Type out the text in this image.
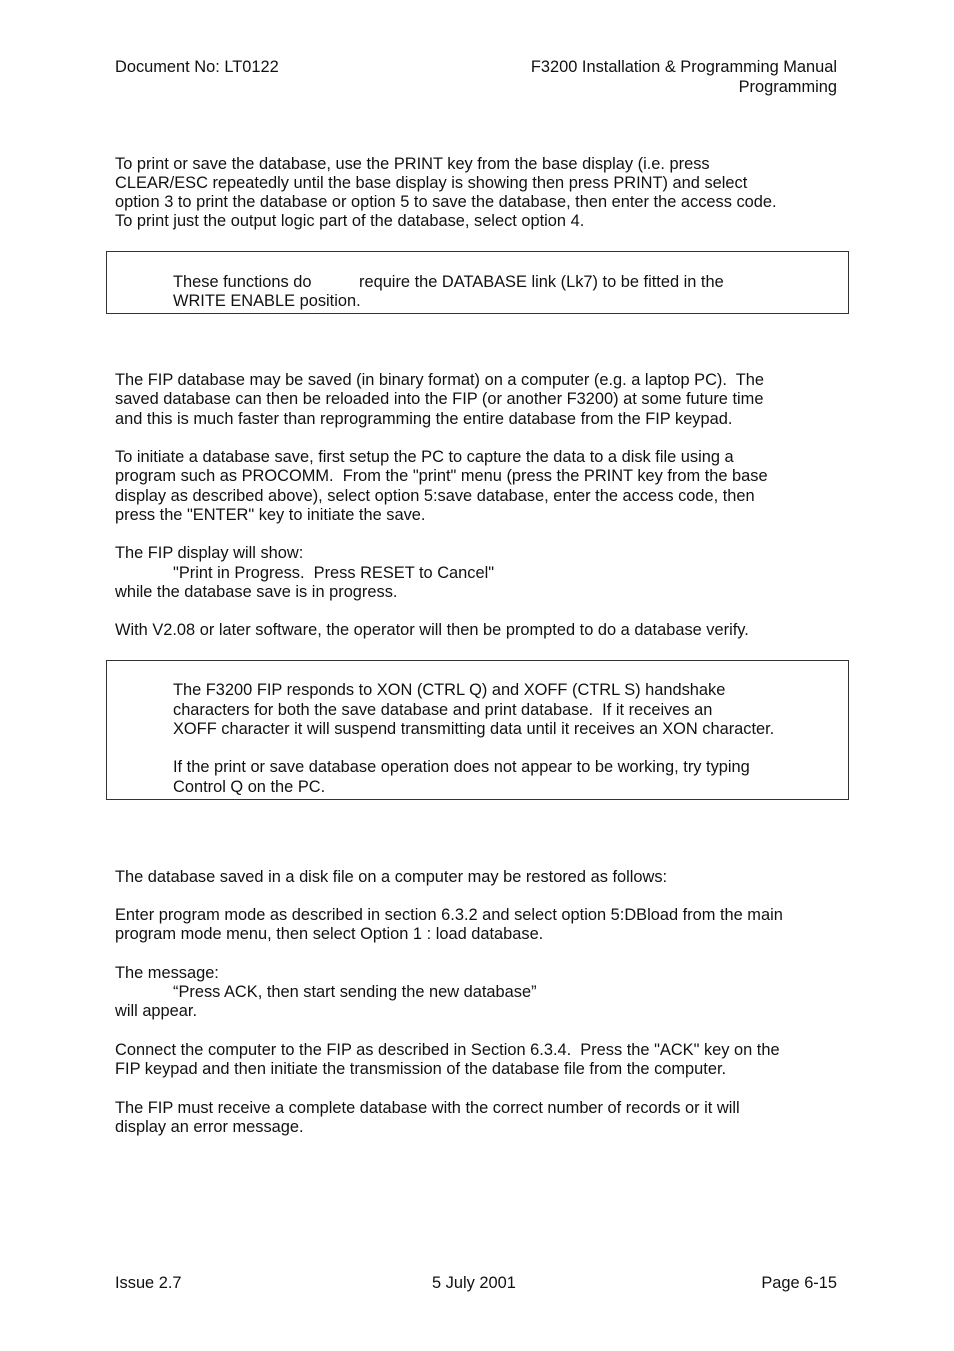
Document No: LT0122	F3200 Installation & Programming Manual
Programming
To print or save the database, use the PRINT key from the base display (i.e. press
CLEAR/ESC repeatedly until the base display is showing then press PRINT) and select
option 3 to print the database or option 5 to save the database, then enter the access code.
To print just the output logic part of the database, select option 4.
These functions do	require the DATABASE link (Lk7) to be fitted in the
WRITE ENABLE position.
The FIP database may be saved (in binary format) on a computer (e.g. a laptop PC).  The
saved database can then be reloaded into the FIP (or another F3200) at some future time
and this is much faster than reprogramming the entire database from the FIP keypad.
To initiate a database save, first setup the PC to capture the data to a disk file using a
program such as PROCOMM.  From the "print" menu (press the PRINT key from the base
display as described above), select option 5:save database, enter the access code, then
press the "ENTER" key to initiate the save.
The FIP display will show:
"Print in Progress.  Press RESET to Cancel"
while the database save is in progress.
With V2.08 or later software, the operator will then be prompted to do a database verify.
The F3200 FIP responds to XON (CTRL Q) and XOFF (CTRL S) handshake
characters for both the save database and print database.  If it receives an
XOFF character it will suspend transmitting data until it receives an XON character.
If the print or save database operation does not appear to be working, try typing
Control Q on the PC.
The database saved in a disk file on a computer may be restored as follows:
Enter program mode as described in section 6.3.2 and select option 5:DBload from the main
program mode menu, then select Option 1 : load database.
The message:
“Press ACK, then start sending the new database”
will appear.
Connect the computer to the FIP as described in Section 6.3.4.  Press the "ACK" key on the
FIP keypad and then initiate the transmission of the database file from the computer.
The FIP must receive a complete database with the correct number of records or it will
display an error message.
Issue 2.7	5 July 2001	Page 6-15
